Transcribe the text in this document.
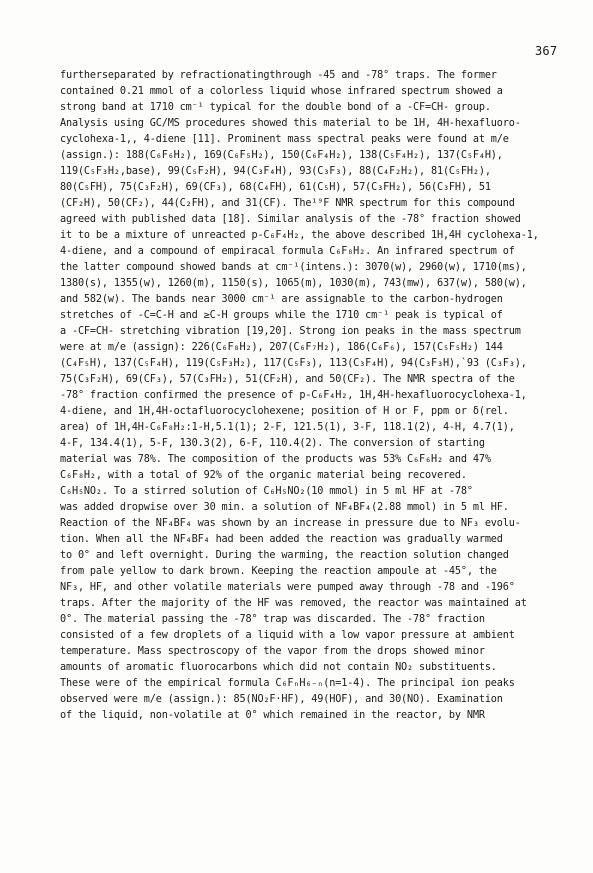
367
furtherseparated by refractionatingthrough -45 and -78° traps. The former
contained 0.21 mmol of a colorless liquid whose infrared spectrum showed a
strong band at 1710 cm⁻¹ typical for the double bond of a -CF=CH- group.
Analysis using GC/MS procedures showed this material to be 1H, 4H-hexafluoro-
cyclohexa-1,, 4-diene [11]. Prominent mass spectral peaks were found at m/e
(assign.): 188(C₆F₆H₂), 169(C₆F₅H₂), 150(C₆F₄H₂), 138(C₅F₄H₂), 137(C₅F₄H),
119(C₅F₃H₂,base), 99(C₅F₂H), 94(C₃F₄H), 93(C₃F₃), 88(C₄F₂H₂), 81(C₅FH₂),
80(C₅FH), 75(C₃F₂H), 69(CF₃), 68(C₄FH), 61(C₅H), 57(C₃FH₂), 56(C₃FH), 51
(CF₂H), 50(CF₂), 44(C₂FH), and 31(CF). The¹⁹F NMR spectrum for this compound
agreed with published data [18]. Similar analysis of the -78° fraction showed
it to be a mixture of unreacted p-C₆F₄H₂, the above described 1H,4H cyclohexa-1,
4-diene, and a compound of empiracal formula C₆F₈H₂. An infrared spectrum of
the latter compound showed bands at cm⁻¹(intens.): 3070(w), 2960(w), 1710(ms),
1380(s), 1355(w), 1260(m), 1150(s), 1065(m), 1030(m), 743(mw), 637(w), 580(w),
and 582(w). The bands near 3000 cm⁻¹ are assignable to the carbon-hydrogen
stretches of -C=C-H and ≥C-H groups while the 1710 cm⁻¹ peak is typical of
a -CF=CH- stretching vibration [19,20]. Strong ion peaks in the mass spectrum
were at m/e (assign): 226(C₆F₈H₂), 207(C₆F₇H₂), 186(C₆F₆), 157(C₅F₅H₂) 144
(C₄F₅H), 137(C₅F₄H), 119(C₅F₃H₂), 117(C₅F₃), 113(C₃F₄H), 94(C₃F₃H),`93 (C₃F₃),
75(C₃F₂H), 69(CF₃), 57(C₃FH₂), 51(CF₂H), and 50(CF₂). The NMR spectra of the
-78° fraction confirmed the presence of p-C₆F₄H₂, 1H,4H-hexafluorocyclohexa-1,
4-diene, and 1H,4H-octafluorocyclohexene; position of H or F, ppm or δ(rel.
area) of 1H,4H-C₆F₈H₂:1-H,5.1(1); 2-F, 121.5(1), 3-F, 118.1(2), 4-H, 4.7(1),
4-F, 134.4(1), 5-F, 130.3(2), 6-F, 110.4(2). The conversion of starting
material was 78%. The composition of the products was 53% C₆F₆H₂ and 47%
C₆F₈H₂, with a total of 92% of the organic material being recovered.
C₆H₅NO₂. To a stirred solution of C₆H₅NO₂(10 mmol) in 5 ml HF at -78°
was added dropwise over 30 min. a solution of NF₄BF₄(2.88 mmol) in 5 ml HF.
Reaction of the NF₄BF₄ was shown by an increase in pressure due to NF₃ evolu-
tion. When all the NF₄BF₄ had been added the reaction was gradually warmed
to 0° and left overnight. During the warming, the reaction solution changed
from pale yellow to dark brown. Keeping the reaction ampoule at -45°, the
NF₃, HF, and other volatile materials were pumped away through -78 and -196°
traps. After the majority of the HF was removed, the reactor was maintained at
0°. The material passing the -78° trap was discarded. The -78° fraction
consisted of a few droplets of a liquid with a low vapor pressure at ambient
temperature. Mass spectroscopy of the vapor from the drops showed minor
amounts of aromatic fluorocarbons which did not contain NO₂ substituents.
These were of the empirical formula C₆FₙH₆₋ₙ(n=1-4). The principal ion peaks
observed were m/e (assign.): 85(NO₂F·HF), 49(HOF), and 30(NO). Examination
of the liquid, non-volatile at 0° which remained in the reactor, by NMR
